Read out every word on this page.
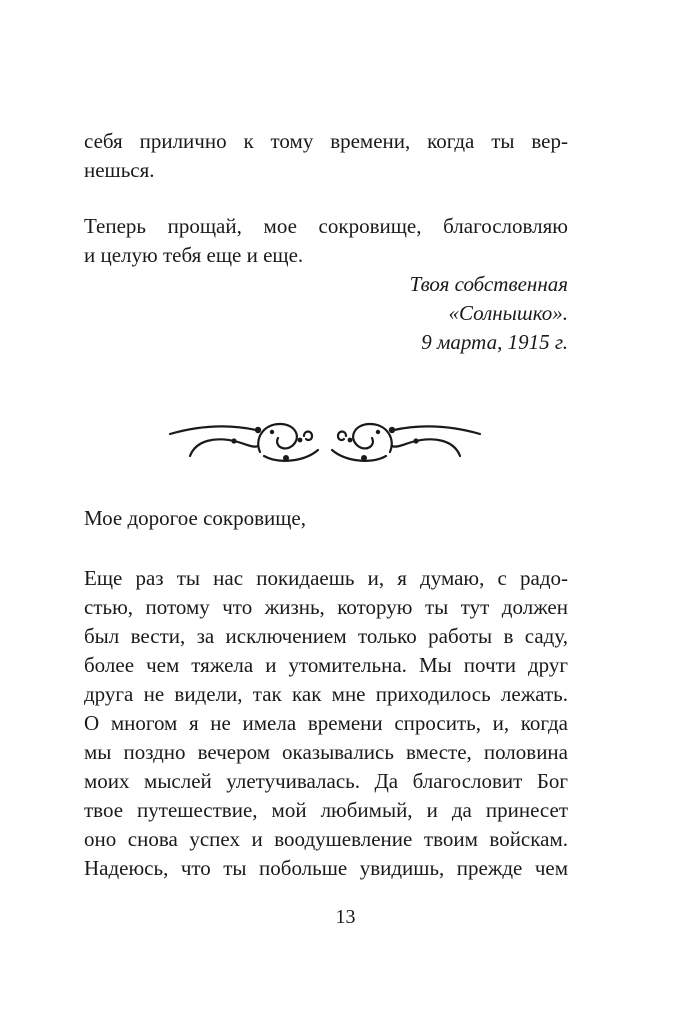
себя прилично к тому времени, когда ты вер-
нешься.
Теперь прощай, мое сокровище, благословляю
и целую тебя еще и еще.
Твоя собственная
«Солнышко».
9 марта, 1915 г.
Мое дорогое сокровище,
Еще раз ты нас покидаешь и, я думаю, с радо-
стью, потому что жизнь, которую ты тут должен
был вести, за исключением только работы в саду,
более чем тяжела и утомительна. Мы почти друг
друга не видели, так как мне приходилось лежать.
О многом я не имела времени спросить, и, когда
мы поздно вечером оказывались вместе, половина
моих мыслей улетучивалась. Да благословит Бог
твое путешествие, мой любимый, и да принесет
оно снова успех и воодушевление твоим войскам.
Надеюсь, что ты побольше увидишь, прежде чем
13
